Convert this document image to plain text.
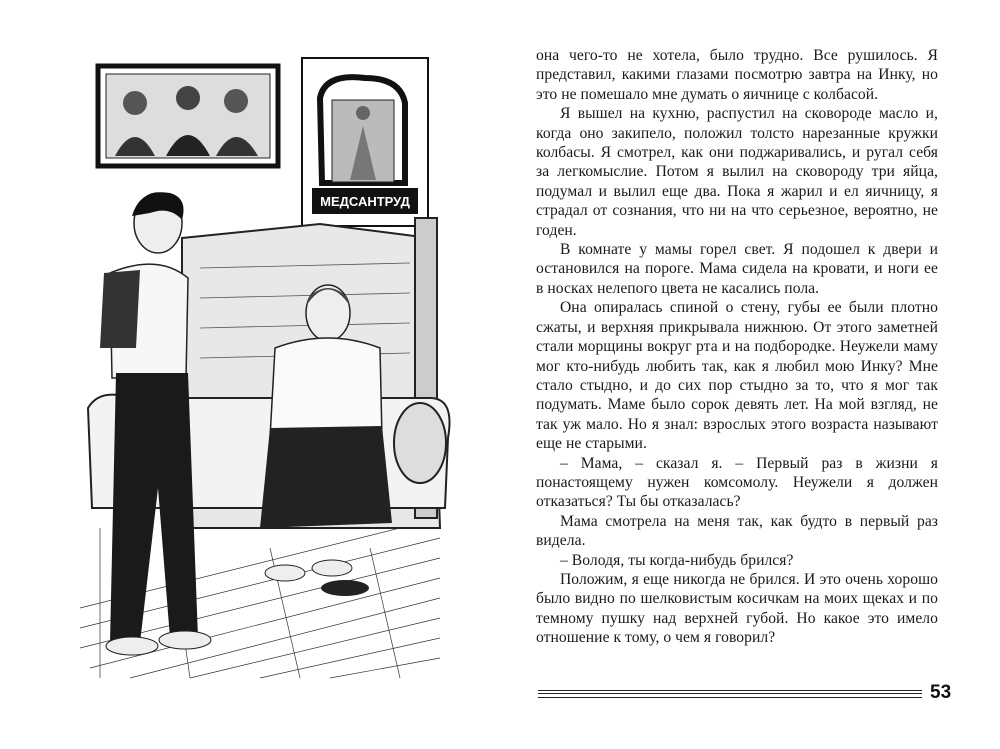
МЕДСАНТРУД

она чего-то не хотела, было трудно. Все рушилось. Я представил, какими глазами посмотрю завтра на Инку, но это не помешало мне думать о яичнице с колбасой.

Я вышел на кухню, распустил на сковороде масло и, когда оно закипело, положил толсто нарезанные кружки колбасы. Я смотрел, как они поджаривались, и ругал себя за легкомыслие. Потом я вылил на сковороду три яйца, подумал и вылил еще два. Пока я жарил и ел яичницу, я страдал от сознания, что ни на что серьезное, вероятно, не годен.

В комнате у мамы горел свет. Я подошел к двери и остановился на пороге. Мама сидела на кровати, и ноги ее в носках нелепого цвета не касались пола.

Она опиралась спиной о стену, губы ее были плотно сжаты, и верхняя прикрывала нижнюю. От этого заметней стали морщины вокруг рта и на подбородке. Неужели маму мог кто-нибудь любить так, как я любил мою Инку? Мне стало стыдно, и до сих пор стыдно за то, что я мог так подумать. Маме было сорок девять лет. На мой взгляд, не так уж мало. Но я знал: взрослых этого возраста называют еще не старыми.

– Мама, – сказал я. – Первый раз в жизни я понастоящему нужен комсомолу. Неужели я должен отказаться? Ты бы отказалась?

Мама смотрела на меня так, как будто в первый раз видела.

– Володя, ты когда-нибудь брился?

Положим, я еще никогда не брился. И это очень хорошо было видно по шелковистым косичкам на моих щеках и по темному пушку над верхней губой. Но какое это имело отношение к тому, о чем я говорил?

53
